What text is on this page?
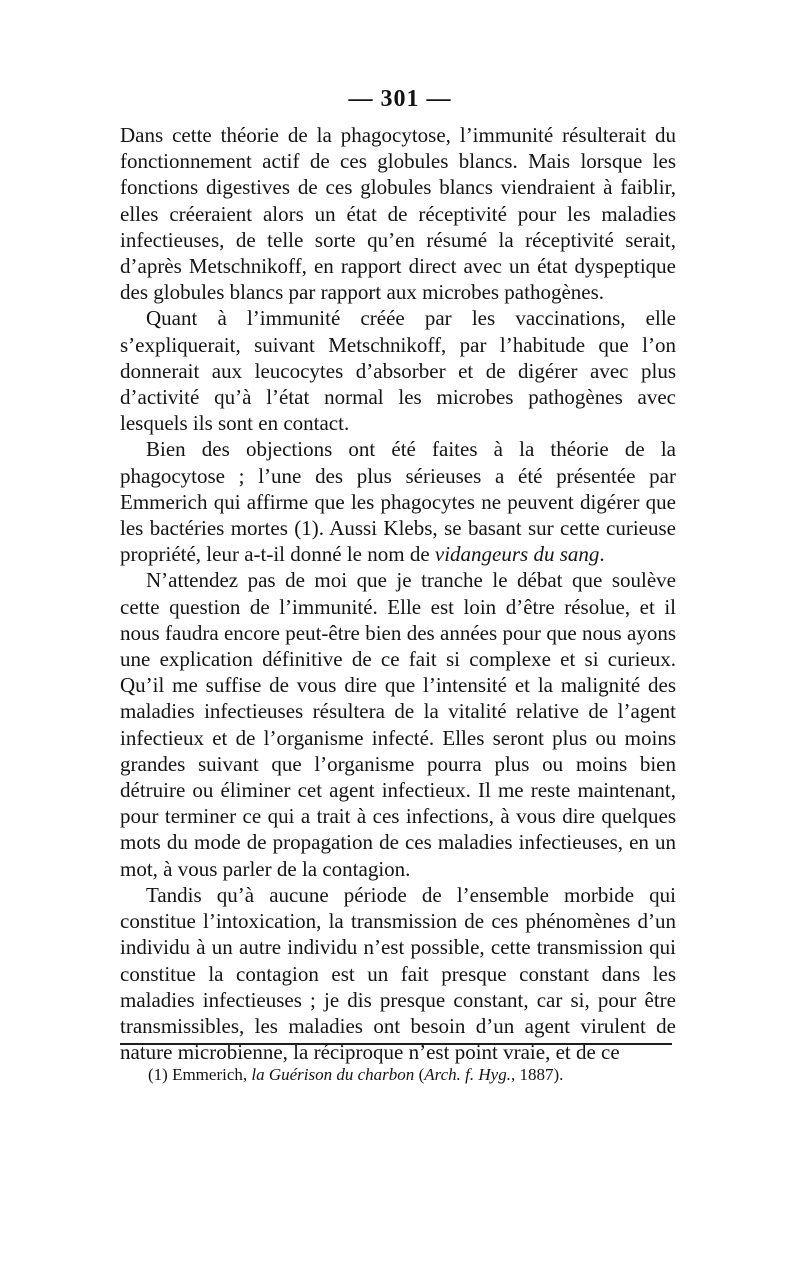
— 301 —

Dans cette théorie de la phagocytose, l’immunité résulterait du fonctionnement actif de ces globules blancs. Mais lorsque les fonctions digestives de ces globules blancs viendraient à faiblir, elles créeraient alors un état de réceptivité pour les maladies infectieuses, de telle sorte qu’en résumé la réceptivité serait, d’après Metschnikoff, en rapport direct avec un état dyspeptique des globules blancs par rapport aux microbes pathogènes.

Quant à l’immunité créée par les vaccinations, elle s’expliquerait, suivant Metschnikoff, par l’habitude que l’on donnerait aux leucocytes d’absorber et de digérer avec plus d’activité qu’à l’état normal les microbes pathogènes avec lesquels ils sont en contact.

Bien des objections ont été faites à la théorie de la phagocytose ; l’une des plus sérieuses a été présentée par Emmerich qui affirme que les phagocytes ne peuvent digérer que les bactéries mortes (1). Aussi Klebs, se basant sur cette curieuse propriété, leur a-t-il donné le nom de vidangeurs du sang.

N’attendez pas de moi que je tranche le débat que soulève cette question de l’immunité. Elle est loin d’être résolue, et il nous faudra encore peut-être bien des années pour que nous ayons une explication définitive de ce fait si complexe et si curieux. Qu’il me suffise de vous dire que l’intensité et la malignité des maladies infectieuses résultera de la vitalité relative de l’agent infectieux et de l’organisme infecté. Elles seront plus ou moins grandes suivant que l’organisme pourra plus ou moins bien détruire ou éliminer cet agent infectieux. Il me reste maintenant, pour terminer ce qui a trait à ces infections, à vous dire quelques mots du mode de propagation de ces maladies infectieuses, en un mot, à vous parler de la contagion.

Tandis qu’à aucune période de l’ensemble morbide qui constitue l’intoxication, la transmission de ces phénomènes d’un individu à un autre individu n’est possible, cette transmission qui constitue la contagion est un fait presque constant dans les maladies infectieuses ; je dis presque constant, car si, pour être transmissibles, les maladies ont besoin d’un agent virulent de nature microbienne, la réciproque n’est point vraie, et de ce

(1) Emmerich, la Guérison du charbon (Arch. f. Hyg., 1887).
